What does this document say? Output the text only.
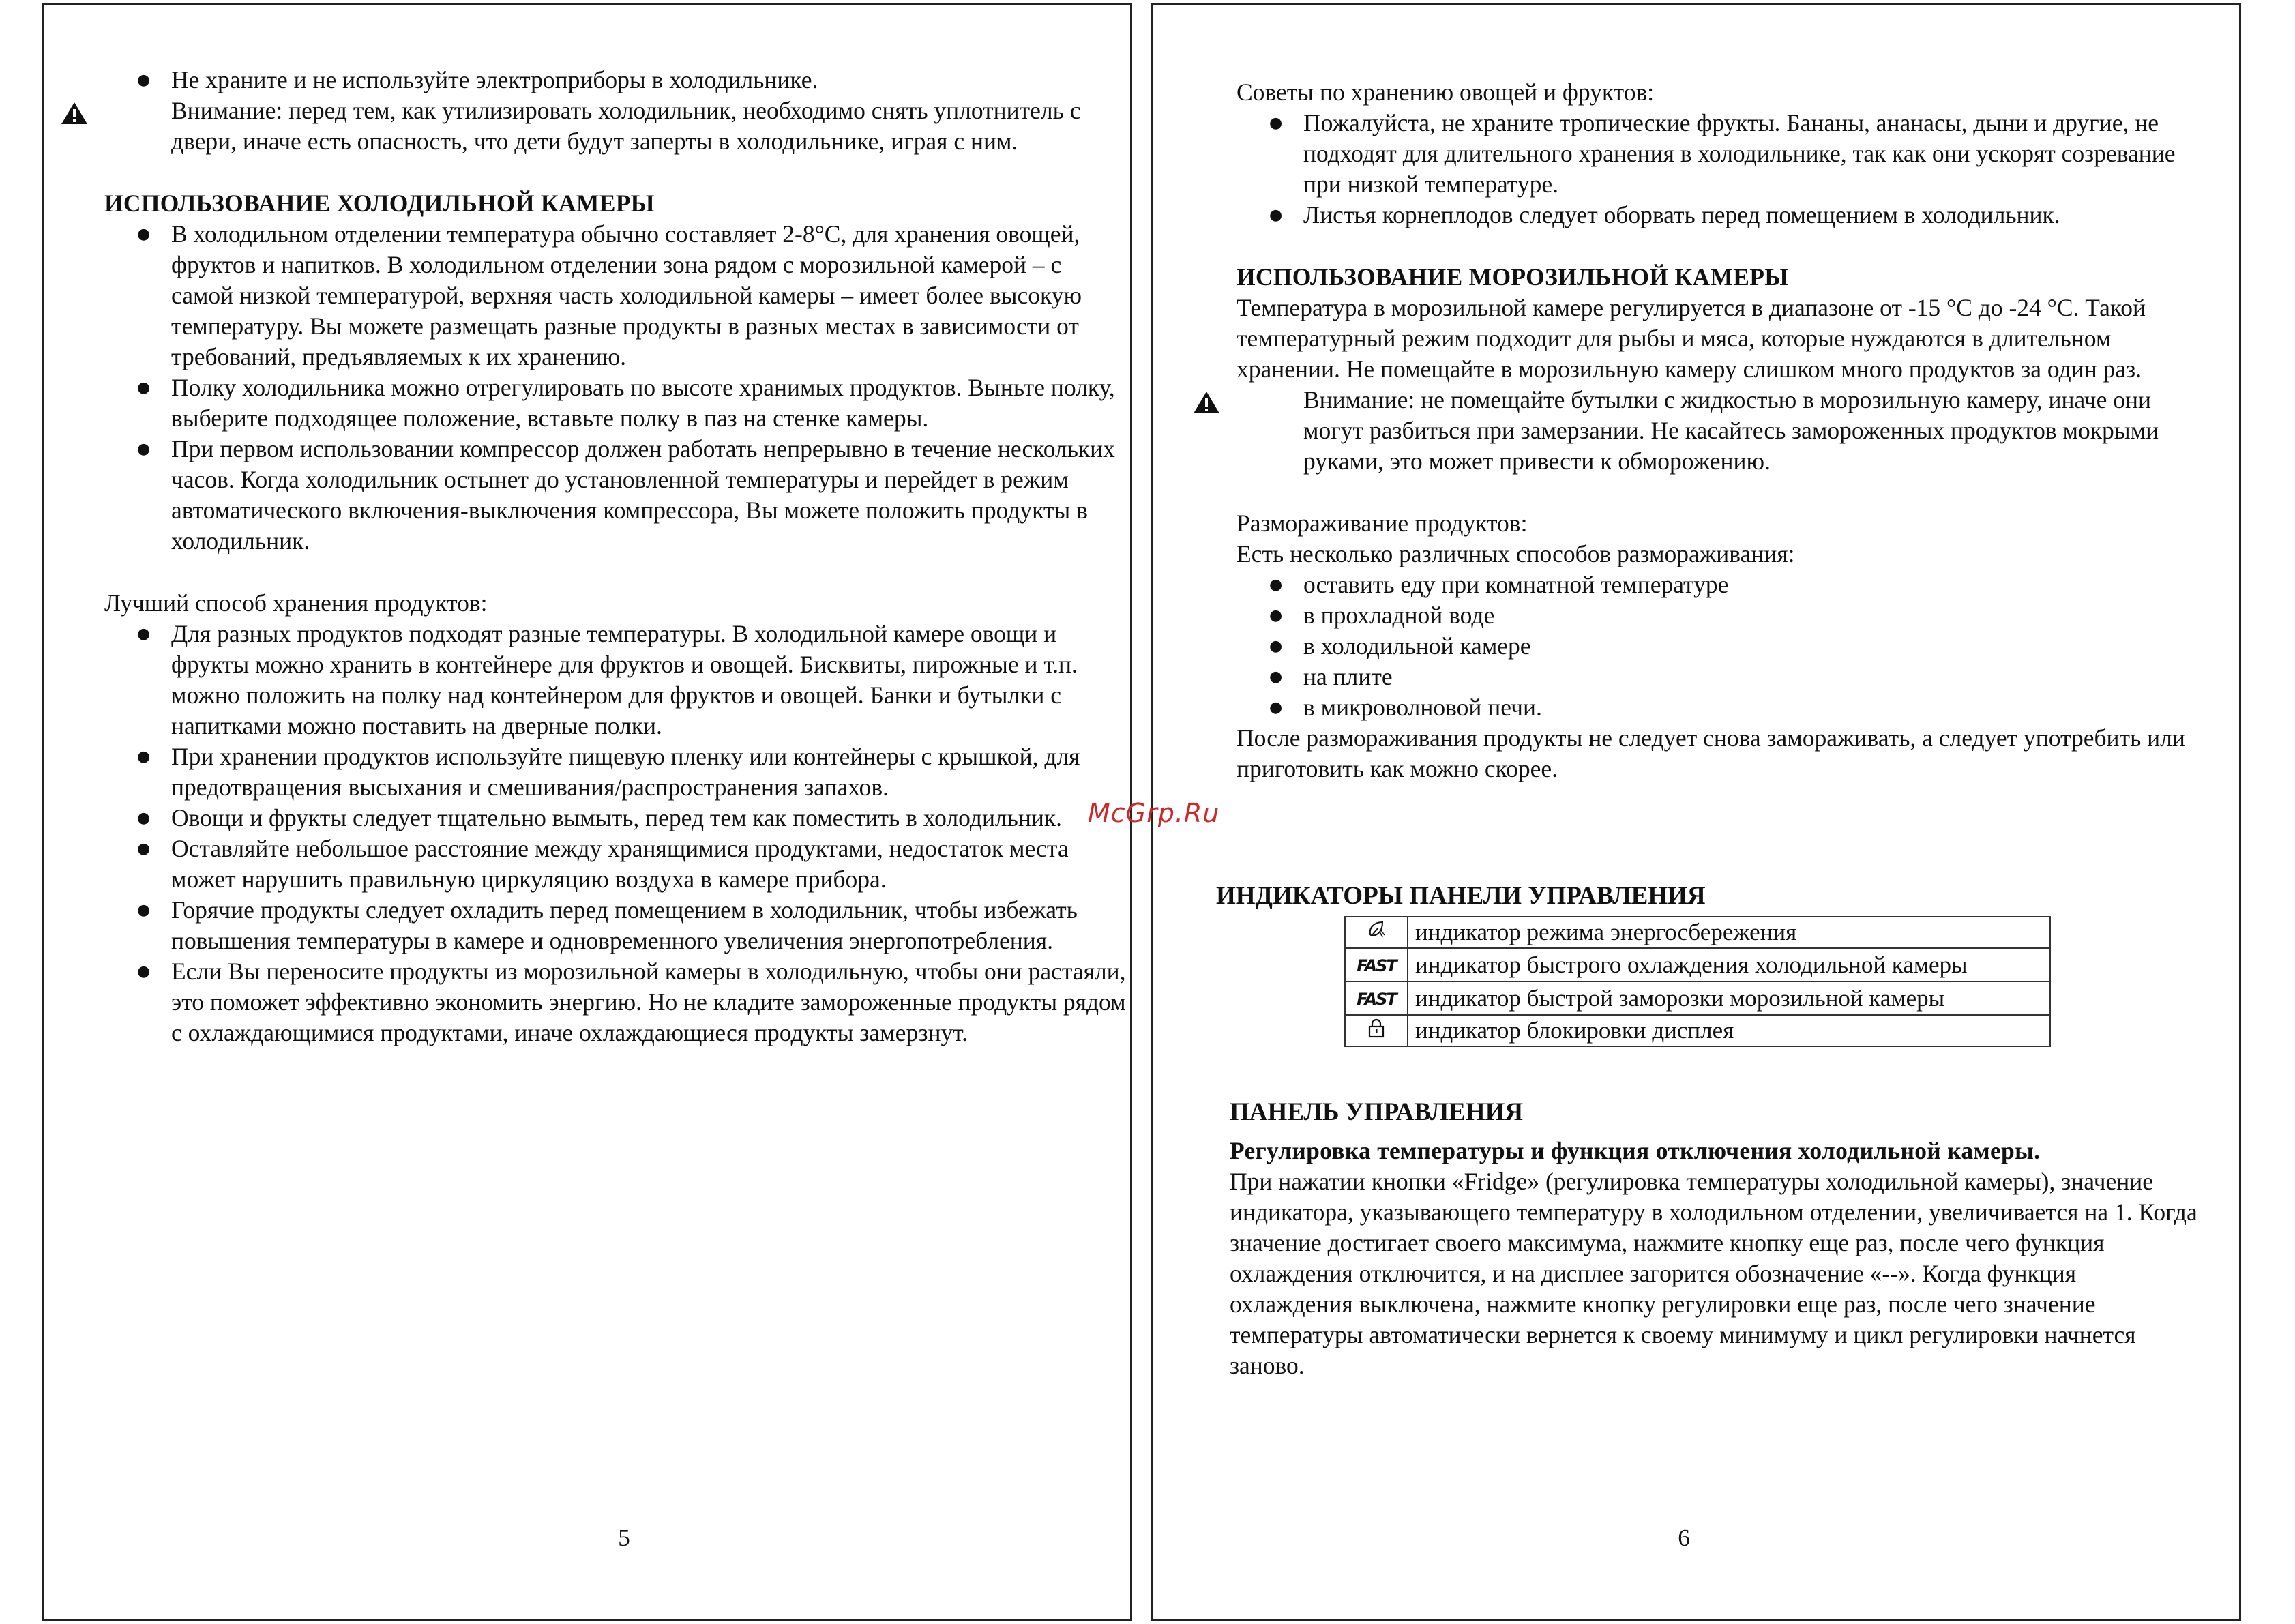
● Не храните и не используйте электроприборы в холодильнике.

Внимание: перед тем, как утилизировать холодильник, необходимо снять уплотнитель с двери, иначе есть опасность, что дети будут заперты в холодильнике, играя с ним.

ИСПОЛЬЗОВАНИЕ ХОЛОДИЛЬНОЙ КАМЕРЫ
● В холодильном отделении температура обычно составляет 2-8°C, для хранения овощей, фруктов и напитков. В холодильном отделении зона рядом с морозильной камерой – с самой низкой температурой, верхняя часть холодильной камеры – имеет более высокую температуру. Вы можете размещать разные продукты в разных местах в зависимости от требований, предъявляемых к их хранению.
● Полку холодильника можно отрегулировать по высоте хранимых продуктов. Выньте полку, выберите подходящее положение, вставьте полку в паз на стенке камеры.
● При первом использовании компрессор должен работать непрерывно в течение нескольких часов. Когда холодильник остынет до установленной температуры и перейдет в режим автоматического включения-выключения компрессора, Вы можете положить продукты в холодильник.
Лучший способ хранения продуктов:
● Для разных продуктов подходят разные температуры. В холодильной камере овощи и фрукты можно хранить в контейнере для фруктов и овощей. Бисквиты, пирожные и т.п. можно положить на полку над контейнером для фруктов и овощей. Банки и бутылки с напитками можно поставить на дверные полки.
● При хранении продуктов используйте пищевую пленку или контейнеры с крышкой, для предотвращения высыхания и смешивания/распространения запахов.
● Овощи и фрукты следует тщательно вымыть, перед тем как поместить в холодильник.
● Оставляйте небольшое расстояние между хранящимися продуктами, недостаток места может нарушить правильную циркуляцию воздуха в камере прибора.
● Горячие продукты следует охладить перед помещением в холодильник, чтобы избежать повышения температуры в камере и одновременного увеличения энергопотребления.
● Если Вы переносите продукты из морозильной камеры в холодильную, чтобы они растаяли, это поможет эффективно экономить энергию. Но не кладите замороженные продукты рядом с охлаждающимися продуктами, иначе охлаждающиеся продукты замерзнут.
5
Советы по хранению овощей и фруктов:
● Пожалуйста, не храните тропические фрукты. Бананы, ананасы, дыни и другие, не подходят для длительного хранения в холодильнике, так как они ускорят созревание при низкой температуре.
● Листья корнеплодов следует оборвать перед помещением в холодильник.
ИСПОЛЬЗОВАНИЕ МОРОЗИЛЬНОЙ КАМЕРЫ

Температура в морозильной камере регулируется в диапазоне от -15 °C до -24 °C. Такой температурный режим подходит для рыбы и мяса, которые нуждаются в длительном хранении. Не помещайте в морозильную камеру слишком много продуктов за один раз.

Внимание: не помещайте бутылки с жидкостью в морозильную камеру, иначе они могут разбиться при замерзании. Не касайтесь замороженных продуктов мокрыми руками, это может привести к обморожению.

Размораживание продуктов:
Есть несколько различных способов размораживания:
● оставить еду при комнатной температуре
● в прохладной воде
● в холодильной камере
● на плите
● в микроволновой печи.

После размораживания продукты не следует снова замораживать, а следует употребить или приготовить как можно скорее.

ИНДИКАТОРЫ ПАНЕЛИ УПРАВЛЕНИЯ
	индикатор режима энергосбережения
FAST	индикатор быстрого охлаждения холодильной камеры
FAST	индикатор быстрой заморозки морозильной камеры
	индикатор блокировки дисплея
ПАНЕЛЬ УПРАВЛЕНИЯ

Регулировка температуры и функция отключения холодильной камеры.

При нажатии кнопки «Fridge» (регулировка температуры холодильной камеры), значение индикатора, указывающего температуру в холодильном отделении, увеличивается на 1. Когда значение достигает своего максимума, нажмите кнопку еще раз, после чего функция охлаждения отключится, и на дисплее загорится обозначение «--». Когда функция охлаждения выключена, нажмите кнопку регулировки еще раз, после чего значение температуры автоматически вернется к своему минимуму и цикл регулировки начнется заново.

6
McGrp.Ru
